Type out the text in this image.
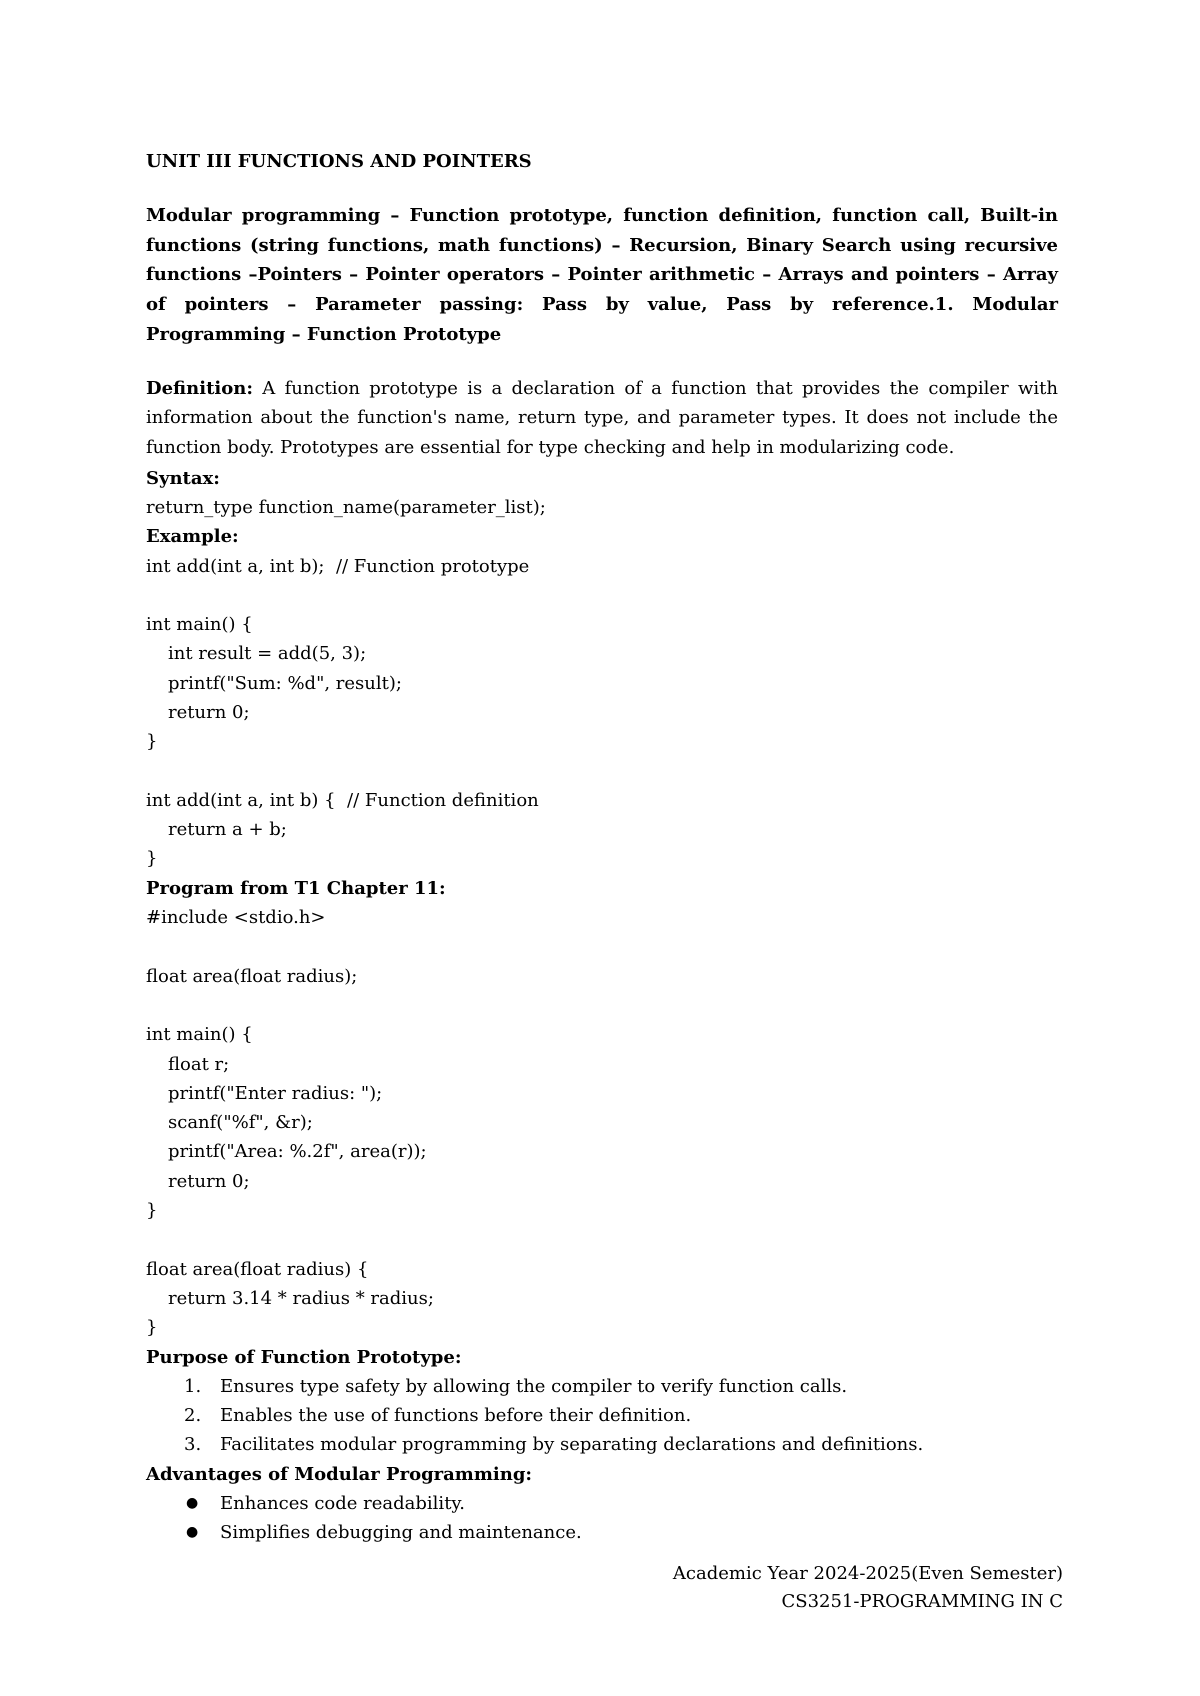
UNIT III FUNCTIONS AND POINTERS
Modular programming – Function prototype, function definition, function call, Built-in functions (string functions, math functions) – Recursion, Binary Search using recursive functions –Pointers – Pointer operators – Pointer arithmetic – Arrays and pointers – Array of pointers – Parameter passing: Pass by value, Pass by reference.1. Modular Programming – Function Prototype
Definition: A function prototype is a declaration of a function that provides the compiler with information about the function's name, return type, and parameter types. It does not include the function body. Prototypes are essential for type checking and help in modularizing code.
Syntax:
return_type function_name(parameter_list);
Example:
int add(int a, int b);  // Function prototype
int main() {
int result = add(5, 3);
printf("Sum: %d", result);
return 0;
}
int add(int a, int b) {  // Function definition
return a + b;
}
Program from T1 Chapter 11:
#include <stdio.h>
float area(float radius);
int main() {
float r;
printf("Enter radius: ");
scanf("%f", &r);
printf("Area: %.2f", area(r));
return 0;
}
float area(float radius) {
return 3.14 * radius * radius;
}
Purpose of Function Prototype:
1.	Ensures type safety by allowing the compiler to verify function calls.
2.	Enables the use of functions before their definition.
3.	Facilitates modular programming by separating declarations and definitions.
Advantages of Modular Programming:
●	Enhances code readability.
●	Simplifies debugging and maintenance.
Academic Year 2024-2025(Even Semester)
CS3251-PROGRAMMING IN C
